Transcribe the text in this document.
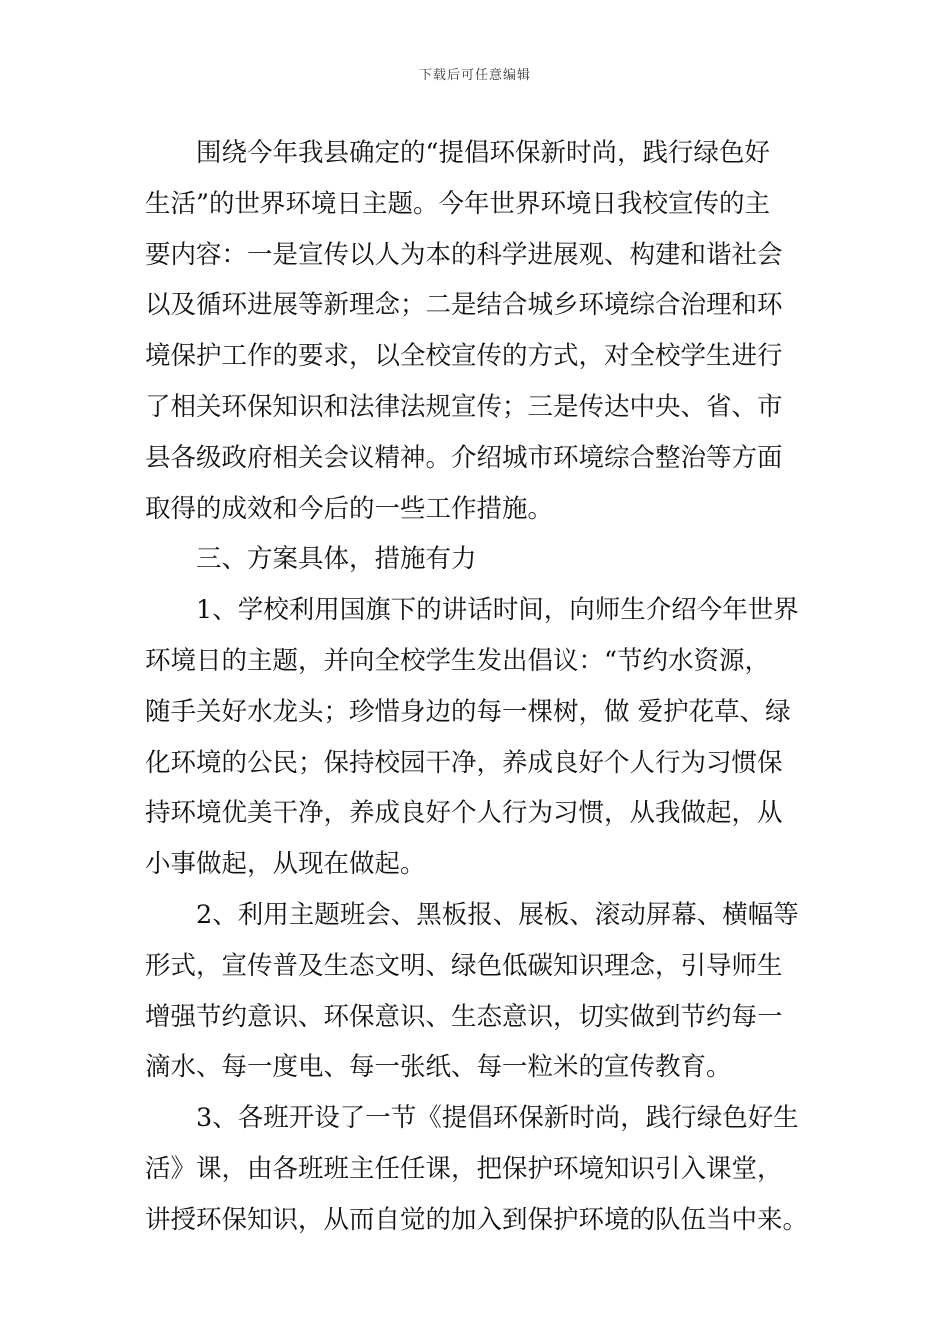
下载后可任意编辑

围绕今年我县确定的“提倡环保新时尚，践行绿色好
生活”的世界环境日主题。今年世界环境日我校宣传的主
要内容：一是宣传以人为本的科学进展观、构建和谐社会
以及循环进展等新理念；二是结合城乡环境综合治理和环
境保护工作的要求，以全校宣传的方式，对全校学生进行
了相关环保知识和法律法规宣传；三是传达中央、省、市
县各级政府相关会议精神。介绍城市环境综合整治等方面
取得的成效和今后的一些工作措施。

三、方案具体，措施有力

1、学校利用国旗下的讲话时间，向师生介绍今年世界
环境日的主题，并向全校学生发出倡议：“节约水资源，
随手关好水龙头；珍惜身边的每一棵树，做 爱护花草、绿
化环境的公民；保持校园干净，养成良好个人行为习惯保
持环境优美干净，养成良好个人行为习惯，从我做起，从
小事做起，从现在做起。

2、利用主题班会、黑板报、展板、滚动屏幕、横幅等
形式，宣传普及生态文明、绿色低碳知识理念，引导师生
增强节约意识、环保意识、生态意识，切实做到节约每一
滴水、每一度电、每一张纸、每一粒米的宣传教育。

3、各班开设了一节《提倡环保新时尚，践行绿色好生
活》课，由各班班主任任课，把保护环境知识引入课堂，
讲授环保知识，从而自觉的加入到保护环境的队伍当中来。
